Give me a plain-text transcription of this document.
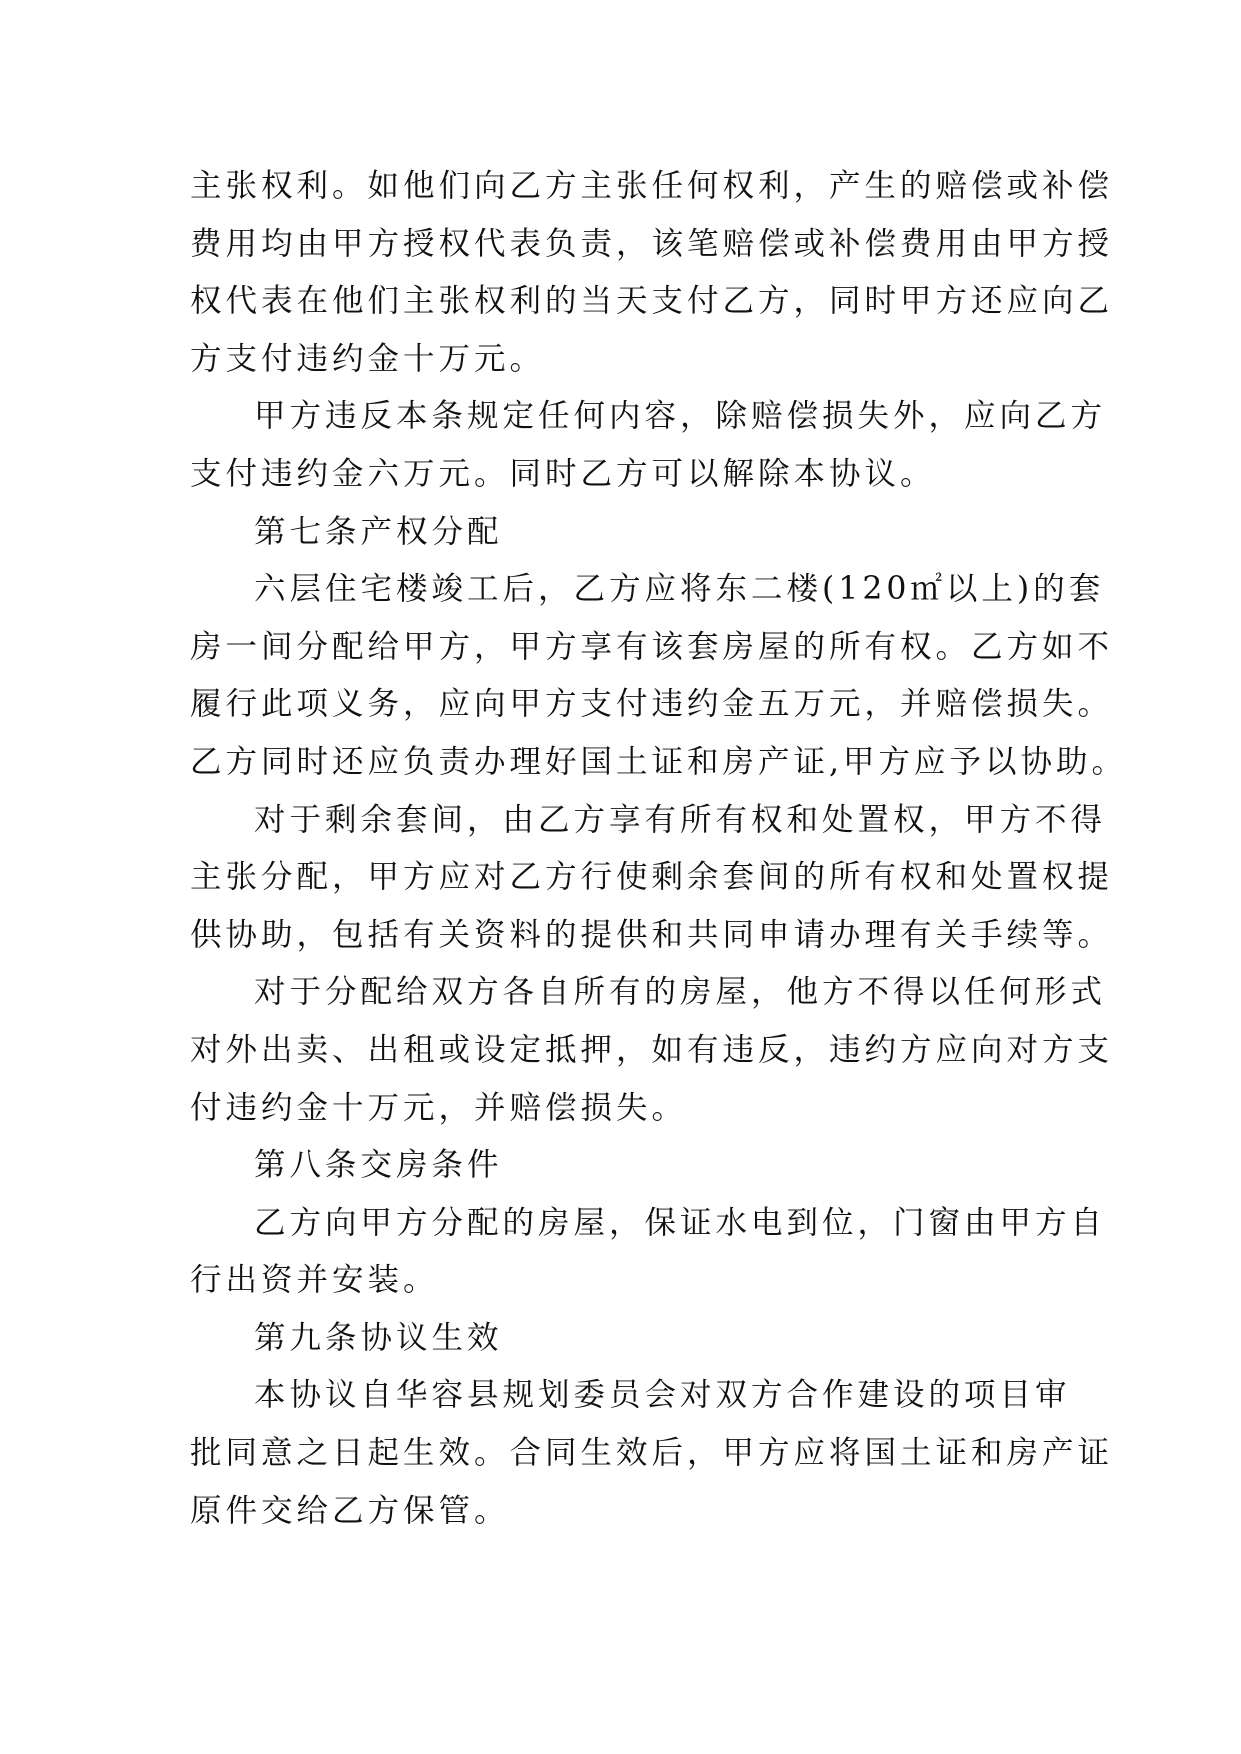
主张权利。如他们向乙方主张任何权利，产生的赔偿或补偿
费用均由甲方授权代表负责，该笔赔偿或补偿费用由甲方授
权代表在他们主张权利的当天支付乙方，同时甲方还应向乙
方支付违约金十万元。
甲方违反本条规定任何内容，除赔偿损失外，应向乙方
支付违约金六万元。同时乙方可以解除本协议。
第七条产权分配
六层住宅楼竣工后，乙方应将东二楼(120㎡以上)的套
房一间分配给甲方，甲方享有该套房屋的所有权。乙方如不
履行此项义务，应向甲方支付违约金五万元，并赔偿损失。
乙方同时还应负责办理好国土证和房产证,甲方应予以协助。
对于剩余套间，由乙方享有所有权和处置权，甲方不得
主张分配，甲方应对乙方行使剩余套间的所有权和处置权提
供协助，包括有关资料的提供和共同申请办理有关手续等。
对于分配给双方各自所有的房屋，他方不得以任何形式
对外出卖、出租或设定抵押，如有违反，违约方应向对方支
付违约金十万元，并赔偿损失。
第八条交房条件
乙方向甲方分配的房屋，保证水电到位，门窗由甲方自
行出资并安装。
第九条协议生效
本协议自华容县规划委员会对双方合作建设的项目审
批同意之日起生效。合同生效后，甲方应将国土证和房产证
原件交给乙方保管。
